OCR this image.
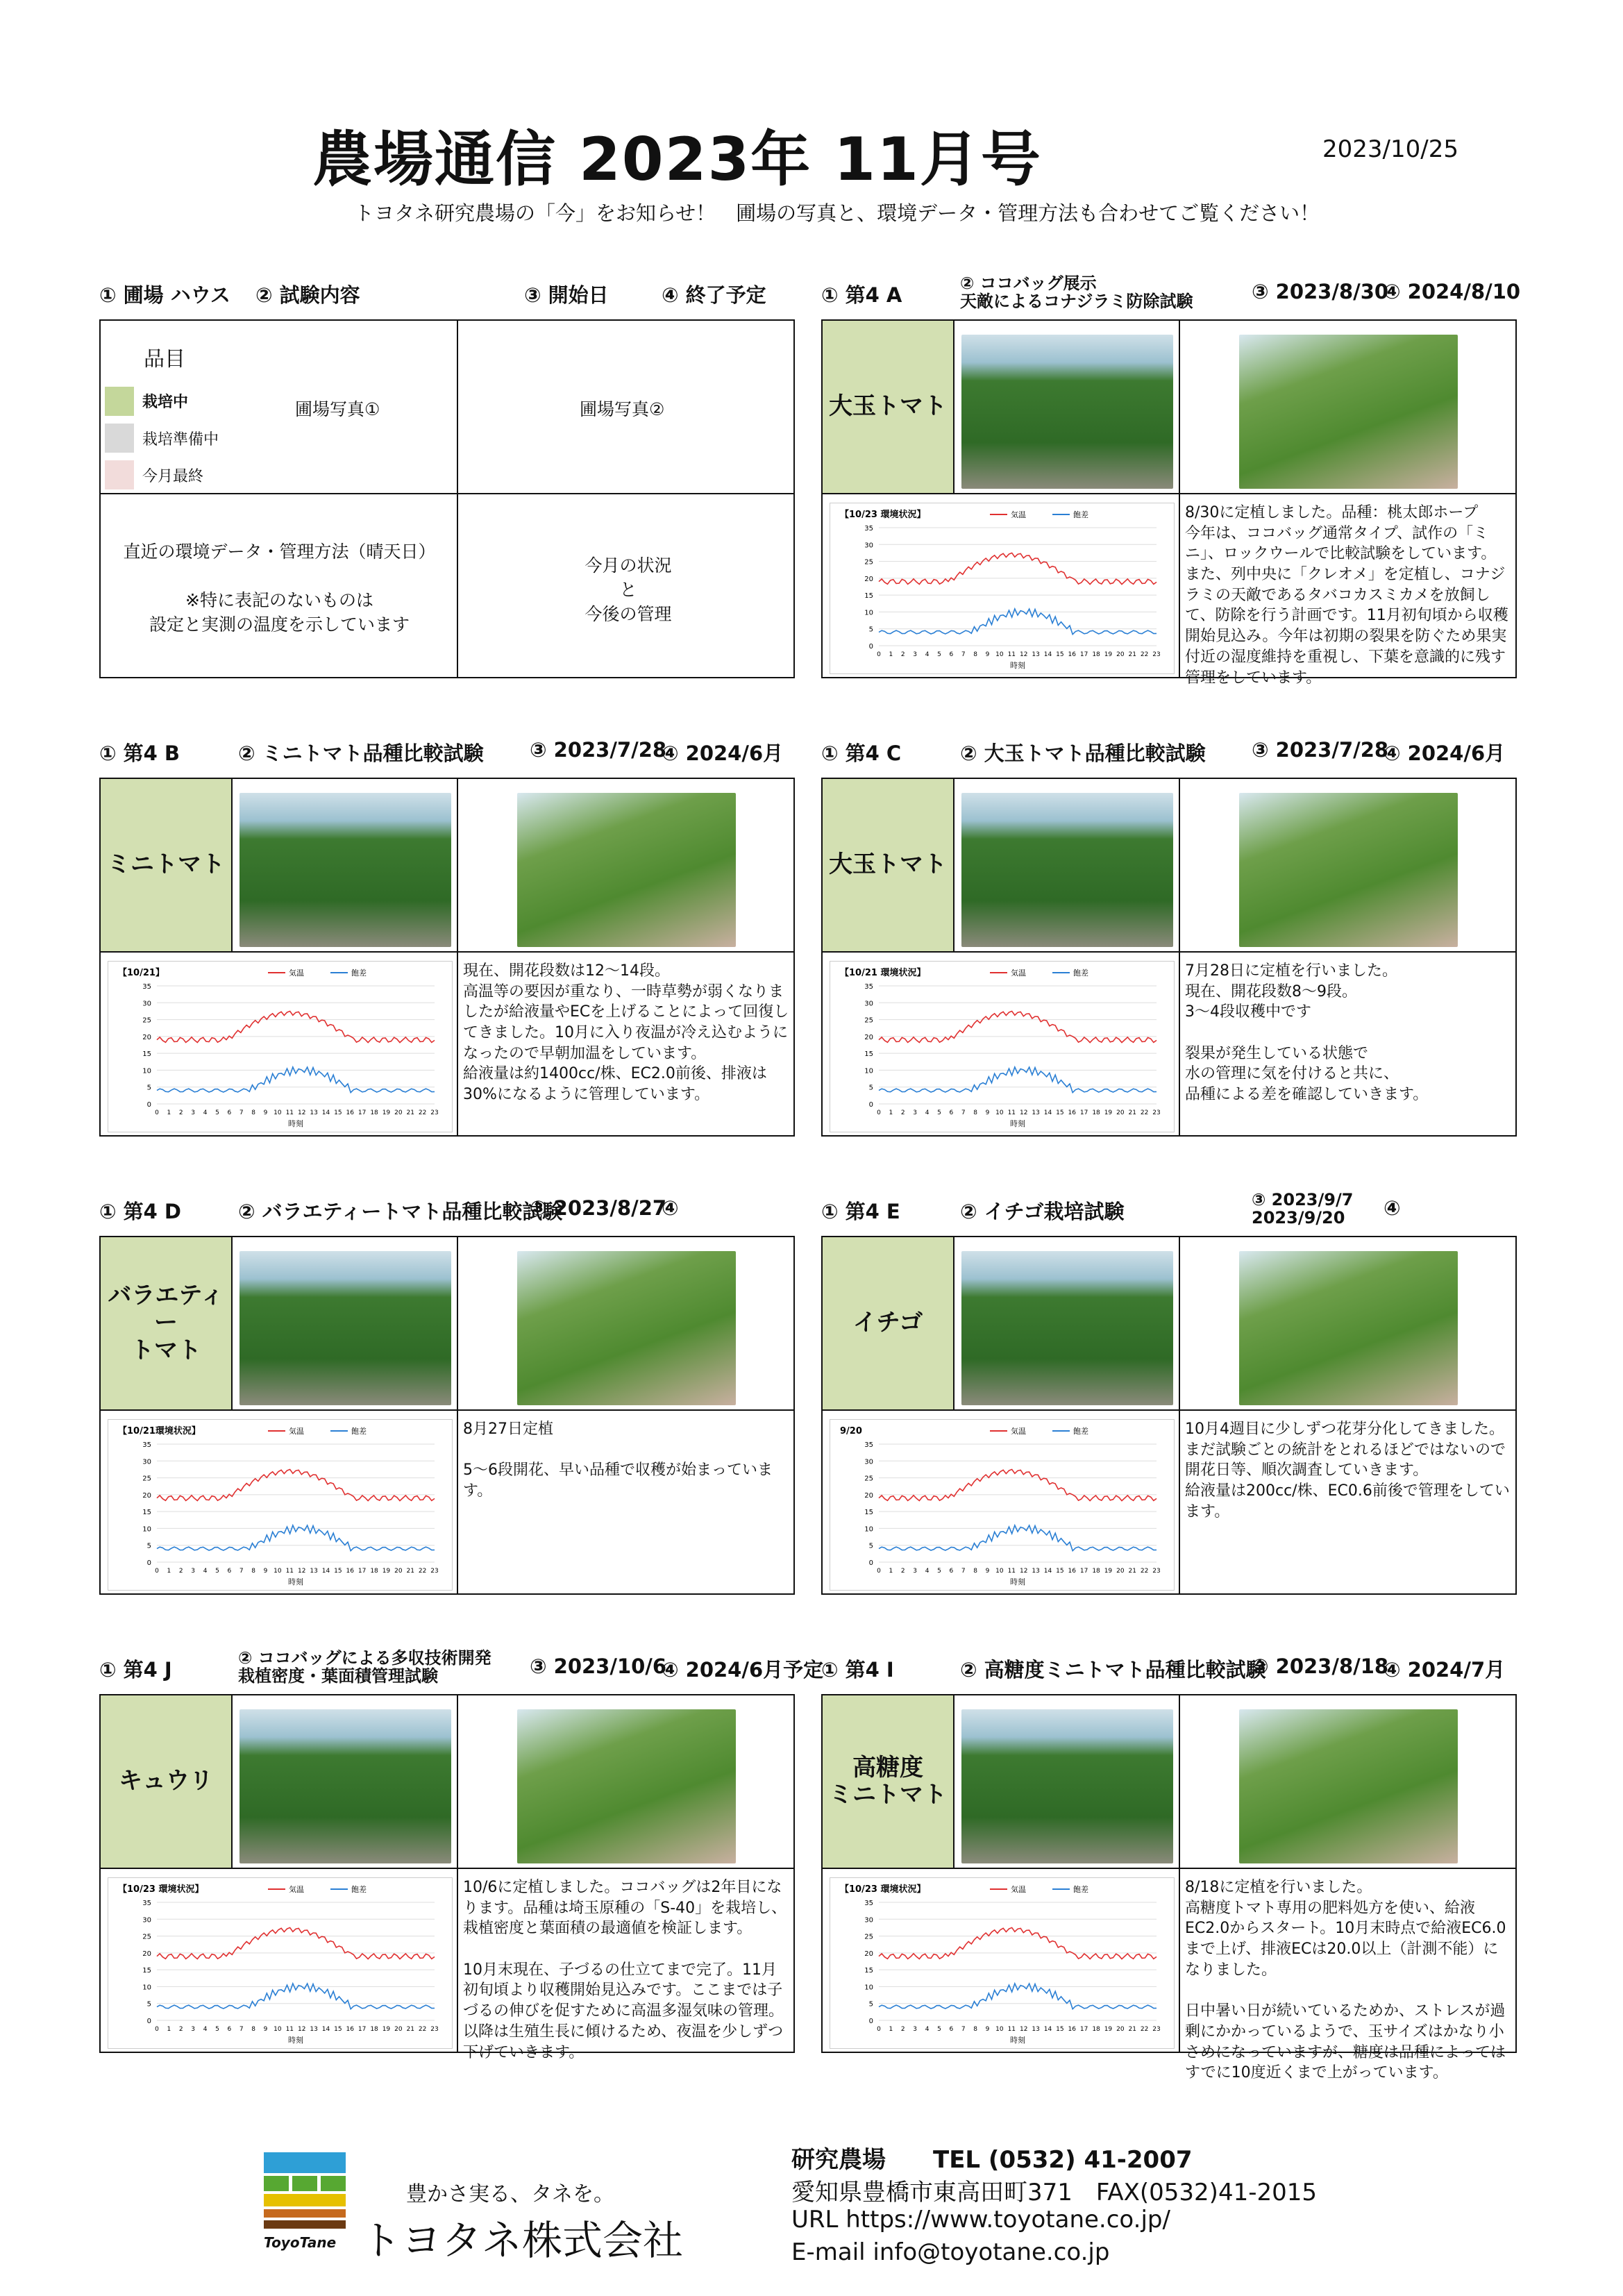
農場通信 2023年 11月号	2023/10/25
トヨタネ研究農場の「今」をお知らせ！　圃場の写真と、環境データ・管理方法も合わせてご覧ください！
① 圃場 ハウス ② 試験内容	③ 開始日	④ 終了予定
品目
栽培中
栽培準備中
今月最終
圃場写真①	圃場写真②
直近の環境データ・管理方法（晴天日）

※特に表記のないものは
設定と実測の温度を示しています
今月の状況
と
今後の管理
① 第4 A	② ココバッグ展示
天敵によるコナジラミ防除試験	③ 2023/8/30
④ 2024/8/10
大玉トマト
8/30に定植しました。品種：桃太郎ホープ
今年は、ココバッグ通常タイプ、試作の「ミニ」、ロックウールで比較試験をしています。また、列中央に「クレオメ」を定植し、コナジラミの天敵であるタバコカスミカメを放飼して、防除を行う計画です。11月初旬頃から収穫開始見込み。今年は初期の裂果を防ぐため果実付近の湿度維持を重視し、下葉を意識的に残す管理をしています。
【10/23 環境状況】
0
5
10
15
20
25
30
35
0 1 2 3 4 5 6 7 8 9 10 11 12 13 14 15 16 17 18 19 20 21 22 23
時刻
気温	飽差
① 第4 B	② ミニトマト品種比較試験 ③ 2023/7/28
④ 2024/6月
ミニトマト
現在、開花段数は12～14段。
高温等の要因が重なり、一時草勢が弱くなりましたが給液量やECを上げることによって回復してきました。10月に入り夜温が冷え込むようになったので早朝加温をしています。
給液量は約1400cc/株、EC2.0前後、排液は30%になるように管理しています。
【10/21】
0
5
10
15
20
25
30
35
0 1 2 3 4 5 6 7 8 9 10 11 12 13 14 15 16 17 18 19 20 21 22 23
時刻
気温	飽差
① 第4 C	② 大玉トマト品種比較試験 ③ 2023/7/28
④ 2024/6月
大玉トマト
7月28日に定植を行いました。
現在、開花段数8～9段。
3～4段収穫中です

裂果が発生している状態で
水の管理に気を付けると共に、
品種による差を確認していきます。
【10/21 環境状況】
0
5
10
15
20
25
30
35
0 1 2 3 4 5 6 7 8 9 10 11 12 13 14 15 16 17 18 19 20 21 22 23
時刻
気温	飽差
① 第4 D	② バラエティートマト品種比較試験
③ 2023/8/27
④
バラエティー
トマト
8月27日定植

5～6段開花、早い品種で収穫が始まっています。
【10/21環境状況】
0
5
10
15
20
25
30
35
0 1 2 3 4 5 6 7 8 9 10 11 12 13 14 15 16 17 18 19 20 21 22 23
時刻
気温	飽差
① 第4 E	② イチゴ栽培試験	③ 2023/9/7
2023/9/20	④
イチゴ
10月4週目に少しずつ花芽分化してきました。
まだ試験ごとの統計をとれるほどではないので開花日等、順次調査していきます。
給液量は200cc/株、EC0.6前後で管理をしています。
9/20
0
5
10
15
20
25
30
35
0 1 2 3 4 5 6 7 8 9 10 11 12 13 14 15 16 17 18 19 20 21 22 23
時刻
気温	飽差
① 第4 J	② ココバッグによる多収技術開発
栽植密度・葉面積管理試験	③ 2023/10/6
④ 2024/6月予定
キュウリ
10/6に定植しました。ココバッグは2年目になります。品種は埼玉原種の「S-40」を栽培し、栽植密度と葉面積の最適値を検証します。

10月末現在、子づるの仕立てまで完了。11月初旬頃より収穫開始見込みです。ここまでは子づるの伸びを促すために高温多湿気味の管理。以降は生殖生長に傾けるため、夜温を少しずつ下げていきます。
【10/23 環境状況】
0
5
10
15
20
25
30
35
0 1 2 3 4 5 6 7 8 9 10 11 12 13 14 15 16 17 18 19 20 21 22 23
時刻
気温	飽差
① 第4 I	② 高糖度ミニトマト品種比較試験
③ 2023/8/18
④ 2024/7月
高糖度
ミニトマト
8/18に定植を行いました。
高糖度トマト専用の肥料処方を使い、給液EC2.0からスタート。10月末時点で給液EC6.0まで上げ、排液ECは20.0以上（計測不能）になりました。

日中暑い日が続いているためか、ストレスが過剰にかかっているようで、玉サイズはかなり小さめになっていますが、糖度は品種によってはすでに10度近くまで上がっています。
【10/23 環境状況】
0
5
10
15
20
25
30
35
0 1 2 3 4 5 6 7 8 9 10 11 12 13 14 15 16 17 18 19 20 21 22 23
時刻
気温	飽差
ToyoTane
豊かさ実る、タネを。
トヨタネ株式会社
研究農場　　TEL (0532) 41-2007
愛知県豊橋市東高田町371　FAX(0532)41-2015
URL https://www.toyotane.co.jp/
E-mail info@toyotane.co.jp
